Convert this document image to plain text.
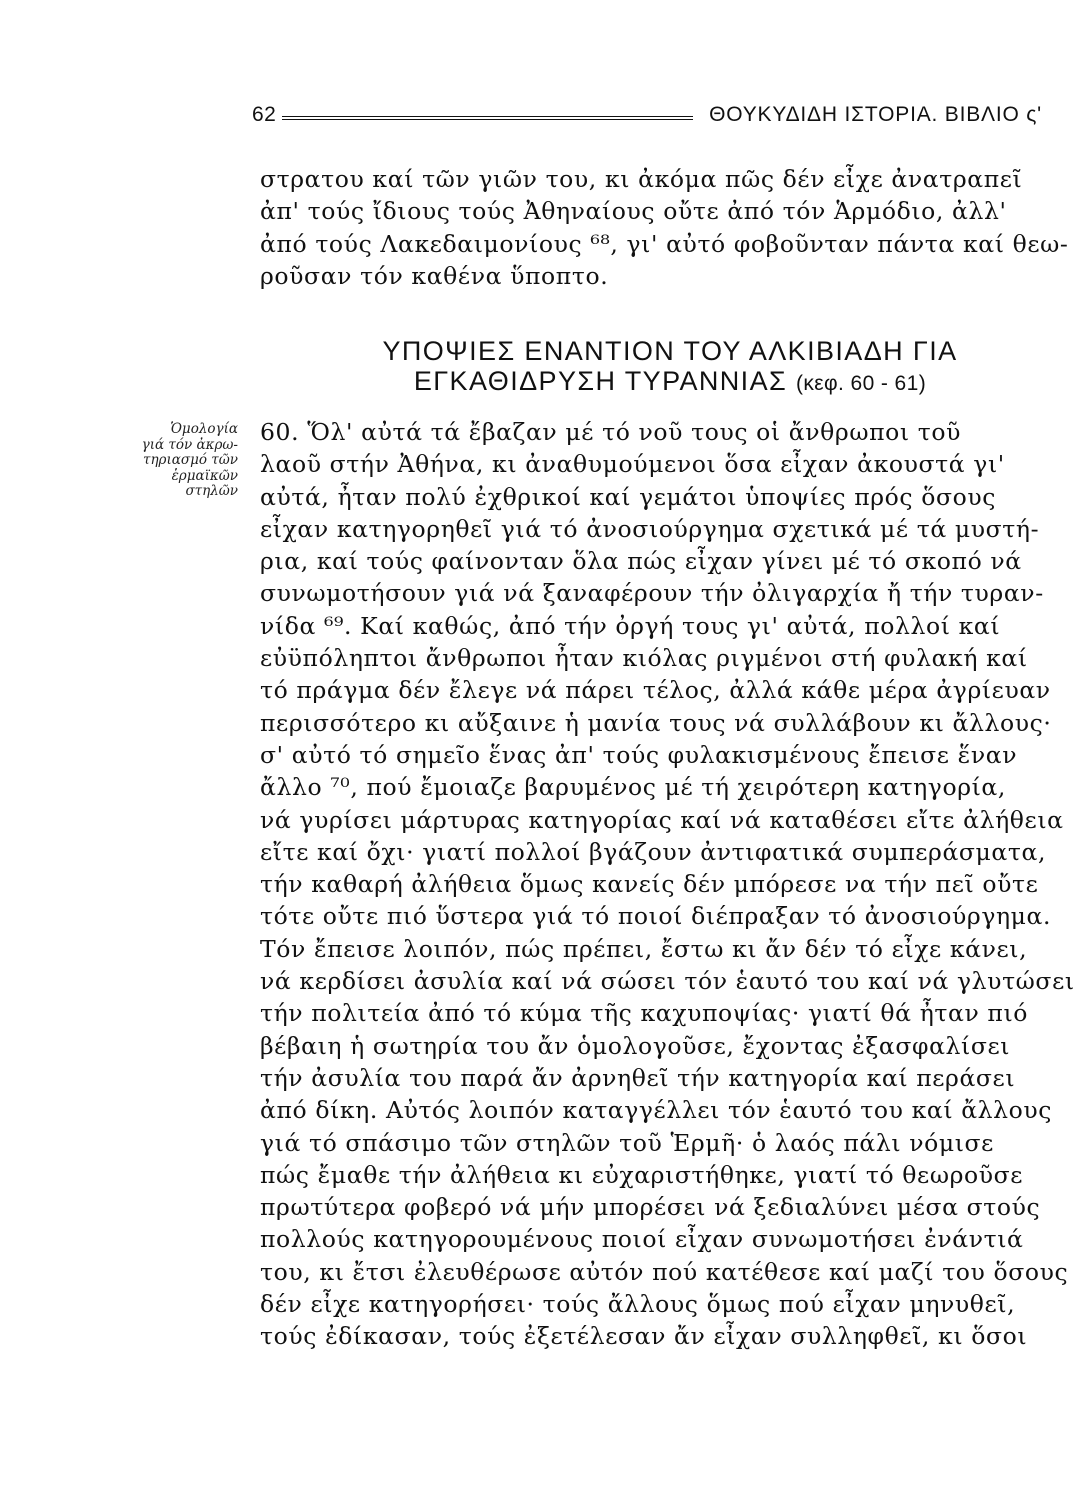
62	ΘΟΥΚΥΔΙΔΗ ΙΣΤΟΡΙΑ. ΒΙΒΛΙΟ ς'
στρατου καί τῶν γιῶν του, κι ἀκόμα πῶς δέν εἶχε ἀνατραπεῖ
ἀπ' τούς ἴδιους τούς Ἀθηναίους οὔτε ἀπό τόν Ἁρμόδιο, ἀλλ'
ἀπό τούς Λακεδαιμονίους ⁶⁸, γι' αὐτό φοβοῦνταν πάντα καί θεω-
ροῦσαν τόν καθένα ὕποπτο.
ΥΠΟΨΙΕΣ ΕΝΑΝΤΙΟΝ ΤΟΥ ΑΛΚΙΒΙΑΔΗ ΓΙΑ
ΕΓΚΑΘΙΔΡΥΣΗ ΤΥΡΑΝΝΙΑΣ (κεφ. 60 - 61)
Ὁμολογία
γιά τόν ἀκρω-
τηριασμό τῶν
ἑρμαϊκῶν
στηλῶν
60. Ὅλ' αὐτά τά ἔβαζαν μέ τό νοῦ τους οἱ ἄνθρωποι τοῦ
λαοῦ στήν Ἀθήνα, κι ἀναθυμούμενοι ὅσα εἶχαν ἀκουστά γι'
αὐτά, ἦταν πολύ ἐχθρικοί καί γεμάτοι ὑποψίες πρός ὅσους
εἶχαν κατηγορηθεῖ γιά τό ἀνοσιούργημα σχετικά μέ τά μυστή-
ρια, καί τούς φαίνονταν ὅλα πώς εἶχαν γίνει μέ τό σκοπό νά
συνωμοτήσουν γιά νά ξαναφέρουν τήν ὀλιγαρχία ἤ τήν τυραν-
νίδα ⁶⁹. Καί καθώς, ἀπό τήν ὀργή τους γι' αὐτά, πολλοί καί
εὐϋπόληπτοι ἄνθρωποι ἦταν κιόλας ριγμένοι στή φυλακή καί
τό πράγμα δέν ἔλεγε νά πάρει τέλος, ἀλλά κάθε μέρα ἀγρίευαν
περισσότερο κι αὔξαινε ἡ μανία τους νά συλλάβουν κι ἄλλους·
σ' αὐτό τό σημεῖο ἕνας ἀπ' τούς φυλακισμένους ἔπεισε ἕναν
ἄλλο ⁷⁰, πού ἔμοιαζε βαρυμένος μέ τή χειρότερη κατηγορία,
νά γυρίσει μάρτυρας κατηγορίας καί νά καταθέσει εἴτε ἀλήθεια
εἴτε καί ὄχι· γιατί πολλοί βγάζουν ἀντιφατικά συμπεράσματα,
τήν καθαρή ἀλήθεια ὅμως κανείς δέν μπόρεσε να τήν πεῖ οὔτε
τότε οὔτε πιό ὕστερα γιά τό ποιοί διέπραξαν τό ἀνοσιούργημα.
Τόν ἔπεισε λοιπόν, πώς πρέπει, ἔστω κι ἄν δέν τό εἶχε κάνει,
νά κερδίσει ἀσυλία καί νά σώσει τόν ἑαυτό του καί νά γλυτώσει
τήν πολιτεία ἀπό τό κύμα τῆς καχυποψίας· γιατί θά ἦταν πιό
βέβαιη ἡ σωτηρία του ἄν ὁμολογοῦσε, ἔχοντας ἐξασφαλίσει
τήν ἀσυλία του παρά ἄν ἀρνηθεῖ τήν κατηγορία καί περάσει
ἀπό δίκη. Αὐτός λοιπόν καταγγέλλει τόν ἑαυτό του καί ἄλλους
γιά τό σπάσιμο τῶν στηλῶν τοῦ Ἑρμῆ· ὁ λαός πάλι νόμισε
πώς ἔμαθε τήν ἀλήθεια κι εὐχαριστήθηκε, γιατί τό θεωροῦσε
πρωτύτερα φοβερό νά μήν μπορέσει νά ξεδιαλύνει μέσα στούς
πολλούς κατηγορουμένους ποιοί εἶχαν συνωμοτήσει ἐνάντιά
του, κι ἔτσι ἐλευθέρωσε αὐτόν πού κατέθεσε καί μαζί του ὅσους
δέν εἶχε κατηγορήσει· τούς ἄλλους ὅμως πού εἶχαν μηνυθεῖ,
τούς ἐδίκασαν, τούς ἐξετέλεσαν ἄν εἶχαν συλληφθεῖ, κι ὅσοι
